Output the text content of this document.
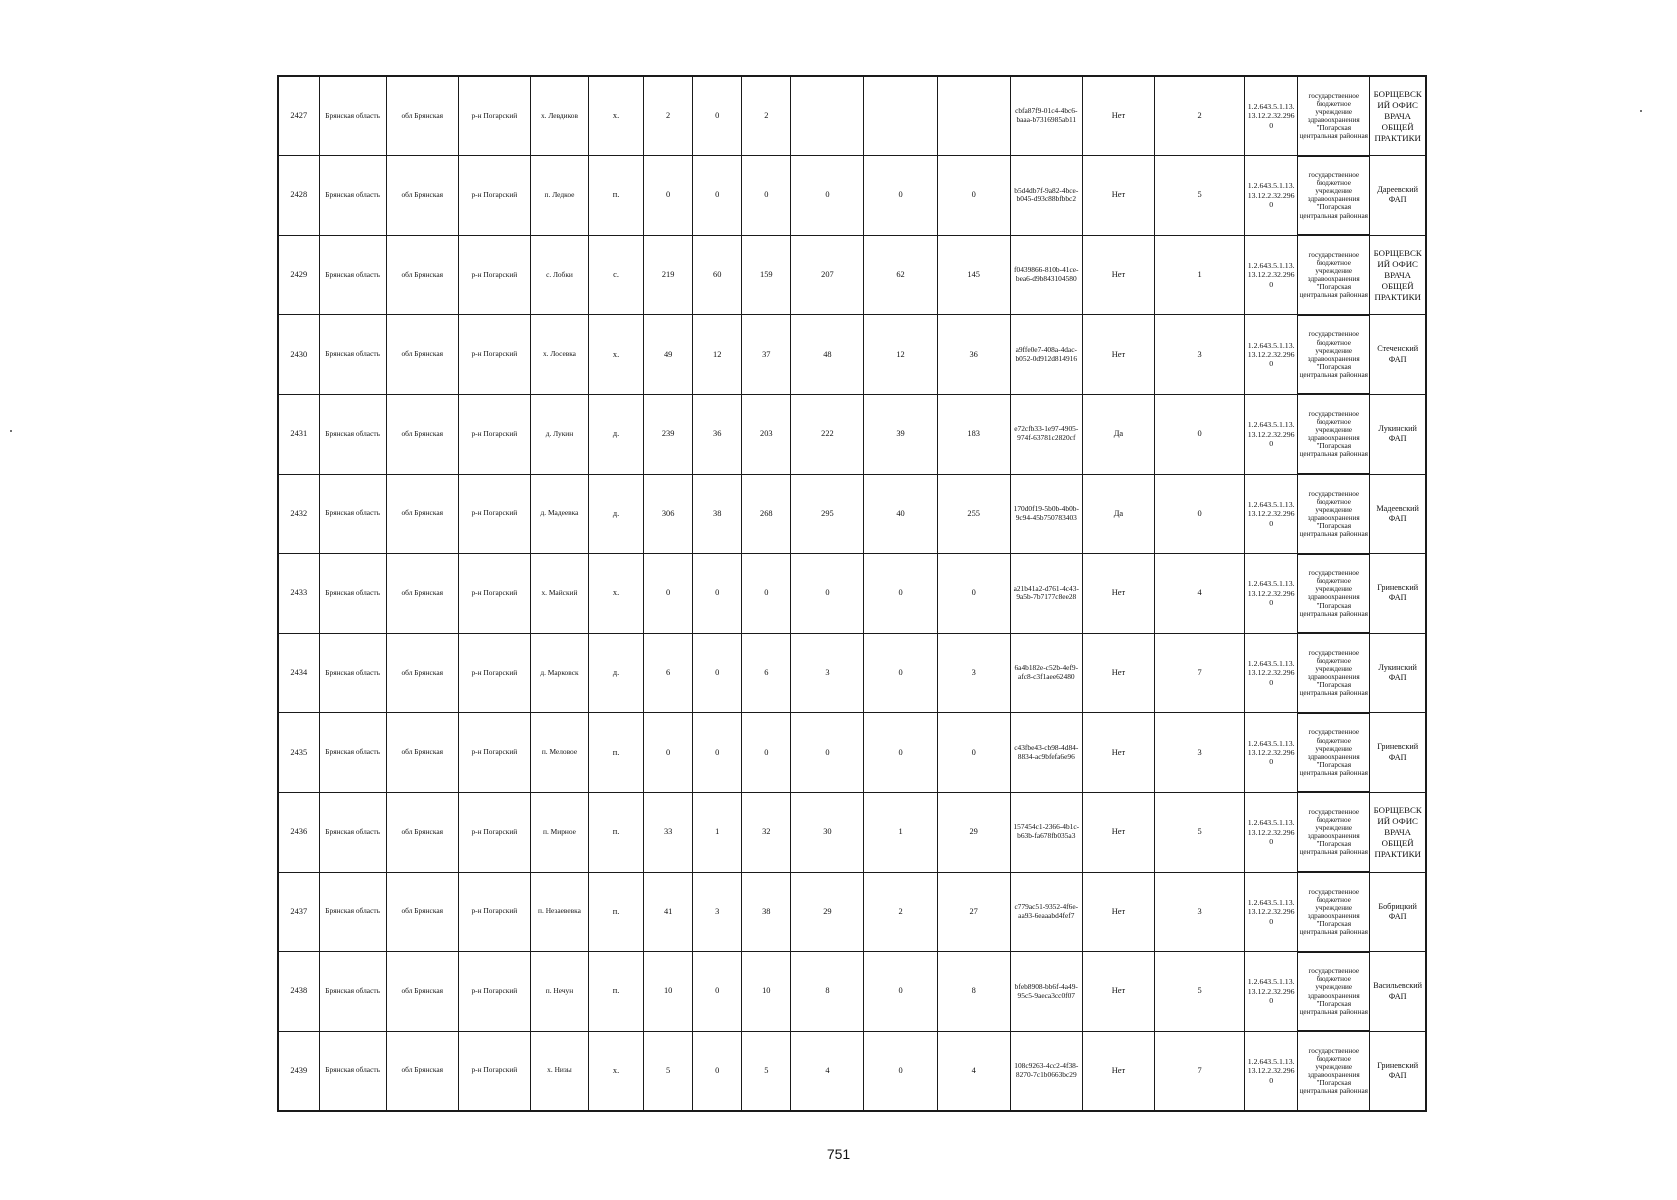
2427	Брянская область	обл Брянская	р-н Погарский	х. Левдиков	х.	2	0	2				cbfa87f9-01c4-4bc6-baaa-b7316985ab11	Нет	2	1.2.643.5.1.13.13.12.2.32.2960	государственное бюджетное учреждение здравоохранения "Погарская центральная районная	БОРЩЕВСКИЙ ОФИС ВРАЧА ОБЩЕЙ ПРАКТИКИ
2428	Брянская область	обл Брянская	р-н Погарский	п. Ледкое	п.	0	0	0	0	0	0	b5d4db7f-9a82-4bce-b045-d93c88bfbbc2	Нет	5	1.2.643.5.1.13.13.12.2.32.2960	государственное бюджетное учреждение здравоохранения "Погарская центральная районная	Дареевский ФАП
2429	Брянская область	обл Брянская	р-н Погарский	с. Лобки	с.	219	60	159	207	62	145	f0439866-810b-41ce-bea6-d9b843104580	Нет	1	1.2.643.5.1.13.13.12.2.32.2960	государственное бюджетное учреждение здравоохранения "Погарская центральная районная	БОРЩЕВСКИЙ ОФИС ВРАЧА ОБЩЕЙ ПРАКТИКИ
2430	Брянская область	обл Брянская	р-н Погарский	х. Лосевка	х.	49	12	37	48	12	36	a9ffe0e7-408a-4dac-b052-0d912d814916	Нет	3	1.2.643.5.1.13.13.12.2.32.2960	государственное бюджетное учреждение здравоохранения "Погарская центральная районная	Стеченский ФАП
2431	Брянская область	обл Брянская	р-н Погарский	д. Лукин	д.	239	36	203	222	39	183	e72cfb33-1e97-4905-974f-63781c2820cf	Да	0	1.2.643.5.1.13.13.12.2.32.2960	государственное бюджетное учреждение здравоохранения "Погарская центральная районная	Лукинский ФАП
2432	Брянская область	обл Брянская	р-н Погарский	д. Мадеевка	д.	306	38	268	295	40	255	170d0f19-5b0b-4b0b-9c94-45b750783403	Да	0	1.2.643.5.1.13.13.12.2.32.2960	государственное бюджетное учреждение здравоохранения "Погарская центральная районная	Мадеевский ФАП
2433	Брянская область	обл Брянская	р-н Погарский	х. Майский	х.	0	0	0	0	0	0	a21b41a2-d761-4c43-9a5b-7b7177c8ee28	Нет	4	1.2.643.5.1.13.13.12.2.32.2960	государственное бюджетное учреждение здравоохранения "Погарская центральная районная	Гриневский ФАП
2434	Брянская область	обл Брянская	р-н Погарский	д. Марковск	д.	6	0	6	3	0	3	6a4b182e-c52b-4ef9-afc8-c3f1aee62480	Нет	7	1.2.643.5.1.13.13.12.2.32.2960	государственное бюджетное учреждение здравоохранения "Погарская центральная районная	Лукинский ФАП
2435	Брянская область	обл Брянская	р-н Погарский	п. Меловое	п.	0	0	0	0	0	0	c43fbe43-cb98-4d84-8834-ac9bfefa6e96	Нет	3	1.2.643.5.1.13.13.12.2.32.2960	государственное бюджетное учреждение здравоохранения "Погарская центральная районная	Гриневский ФАП
2436	Брянская область	обл Брянская	р-н Погарский	п. Мирное	п.	33	1	32	30	1	29	157454c1-2366-4b1c-b63b-fa678fb035a3	Нет	5	1.2.643.5.1.13.13.12.2.32.2960	государственное бюджетное учреждение здравоохранения "Погарская центральная районная	БОРЩЕВСКИЙ ОФИС ВРАЧА ОБЩЕЙ ПРАКТИКИ
2437	Брянская область	обл Брянская	р-н Погарский	п. Незаевевка	п.	41	3	38	29	2	27	c779ac51-9352-4f6e-aa93-6eaaabd4fef7	Нет	3	1.2.643.5.1.13.13.12.2.32.2960	государственное бюджетное учреждение здравоохранения "Погарская центральная районная	Бобрицкий ФАП
2438	Брянская область	обл Брянская	р-н Погарский	п. Нечун	п.	10	0	10	8	0	8	bfeb8908-bb6f-4a49-95c5-9aeca3cc0f07	Нет	5	1.2.643.5.1.13.13.12.2.32.2960	государственное бюджетное учреждение здравоохранения "Погарская центральная районная	Васильевский ФАП
2439	Брянская область	обл Брянская	р-н Погарский	х. Низы	х.	5	0	5	4	0	4	108c9263-4cc2-4f38-8270-7c1b0663bc29	Нет	7	1.2.643.5.1.13.13.12.2.32.2960	государственное бюджетное учреждение здравоохранения "Погарская центральная районная	Гриневский ФАП
751
